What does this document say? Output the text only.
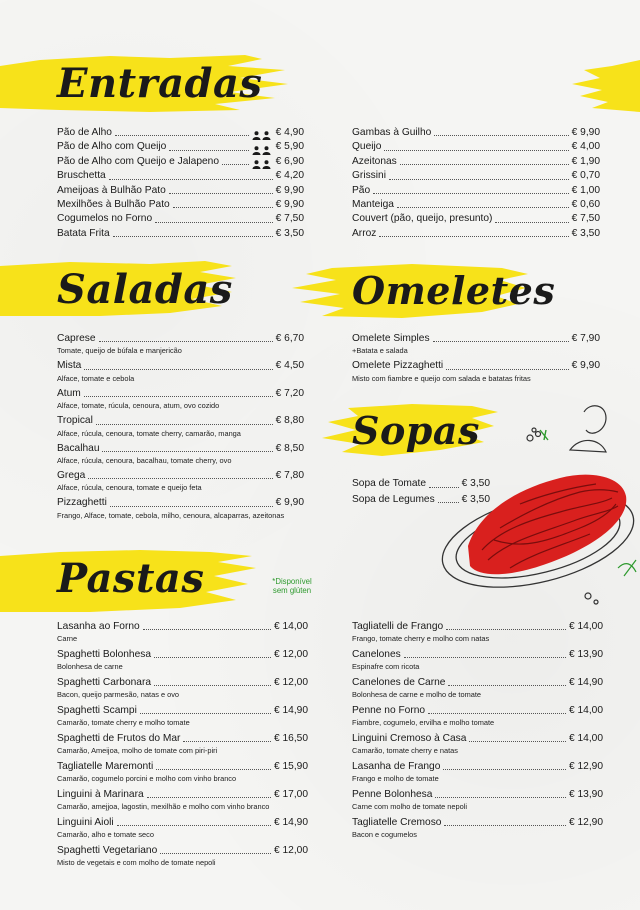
Entradas
Saladas	Omeletes
Sopas
Pastas	*Disponível sem glúten
Pão de Alho	€ 4,90
Pão de Alho com Queijo	€ 5,90
Pão de Alho com Queijo e Jalapeno	€ 6,90
Bruschetta	€ 4,20
Ameijoas à Bulhão Pato	€ 9,90
Mexilhões à Bulhão Pato	€ 9,90
Cogumelos no Forno	€ 7,50
Batata Frita	€ 3,50
Gambas à Guilho	€ 9,90
Queijo	€ 4,00
Azeitonas	€ 1,90
Grissini	€ 0,70
Pão	€ 1,00
Manteiga	€ 0,60
Couvert (pão, queijo, presunto)	€ 7,50
Arroz	€ 3,50
Caprese	€ 6,70
Tomate, queijo de búfala e manjericão
Mista	€ 4,50
Alface, tomate e cebola
Atum	€ 7,20
Alface, tomate, rúcula, cenoura, atum, ovo cozido
Tropical	€ 8,80
Alface, rúcula, cenoura, tomate cherry, camarão, manga
Bacalhau	€ 8,50
Alface, rúcula, cenoura, bacalhau, tomate cherry, ovo
Grega	€ 7,80
Alface, rúcula, cenoura, tomate e queijo feta
Pizzaghetti	€ 9,90
Frango, Alface, tomate, cebola, milho, cenoura, alcaparras, azeitonas
Omelete Simples	€ 7,90
+Batata e salada
Omelete Pizzaghetti	€ 9,90
Misto com fiambre e queijo com salada e batatas fritas
Sopa de Tomate	€ 3,50
Sopa de Legumes	€ 3,50
Lasanha ao Forno	€ 14,00
Carne
Spaghetti Bolonhesa	€ 12,00
Bolonhesa de carne
Spaghetti Carbonara	€ 12,00
Bacon, queijo parmesão, natas e ovo
Spaghetti Scampi	€ 14,90
Camarão, tomate cherry e molho tomate
Spaghetti de Frutos do Mar	€ 16,50
Camarão, Ameijoa, molho de tomate com piri-piri
Tagliatelle Maremonti	€ 15,90
Camarão, cogumelo porcini e molho com vinho branco
Linguini à Marinara	€ 17,00
Camarão, amejjoa, lagostin, mexilhão e molho com vinho branco
Linguini Aioli	€ 14,90
Camarão, alho e tomate seco
Spaghetti Vegetariano	€ 12,00
Misto de vegetais e com molho de tomate nepoli
Tagliatelli de Frango	€ 14,00
Frango, tomate cherry e molho com natas
Canelones	€ 13,90
Espinafre com ricota
Canelones de Carne	€ 14,90
Bolonhesa de carne e molho de tomate
Penne no Forno	€ 14,00
Fiambre, cogumelo, ervilha e molho tomate
Linguini Cremoso à Casa	€ 14,00
Camarão, tomate cherry e natas
Lasanha de Frango	€ 12,90
Frango e molho de tomate
Penne Bolonhesa	€ 13,90
Carne com molho de tomate nepoli
Tagliatelle Cremoso	€ 12,90
Bacon e cogumelos
